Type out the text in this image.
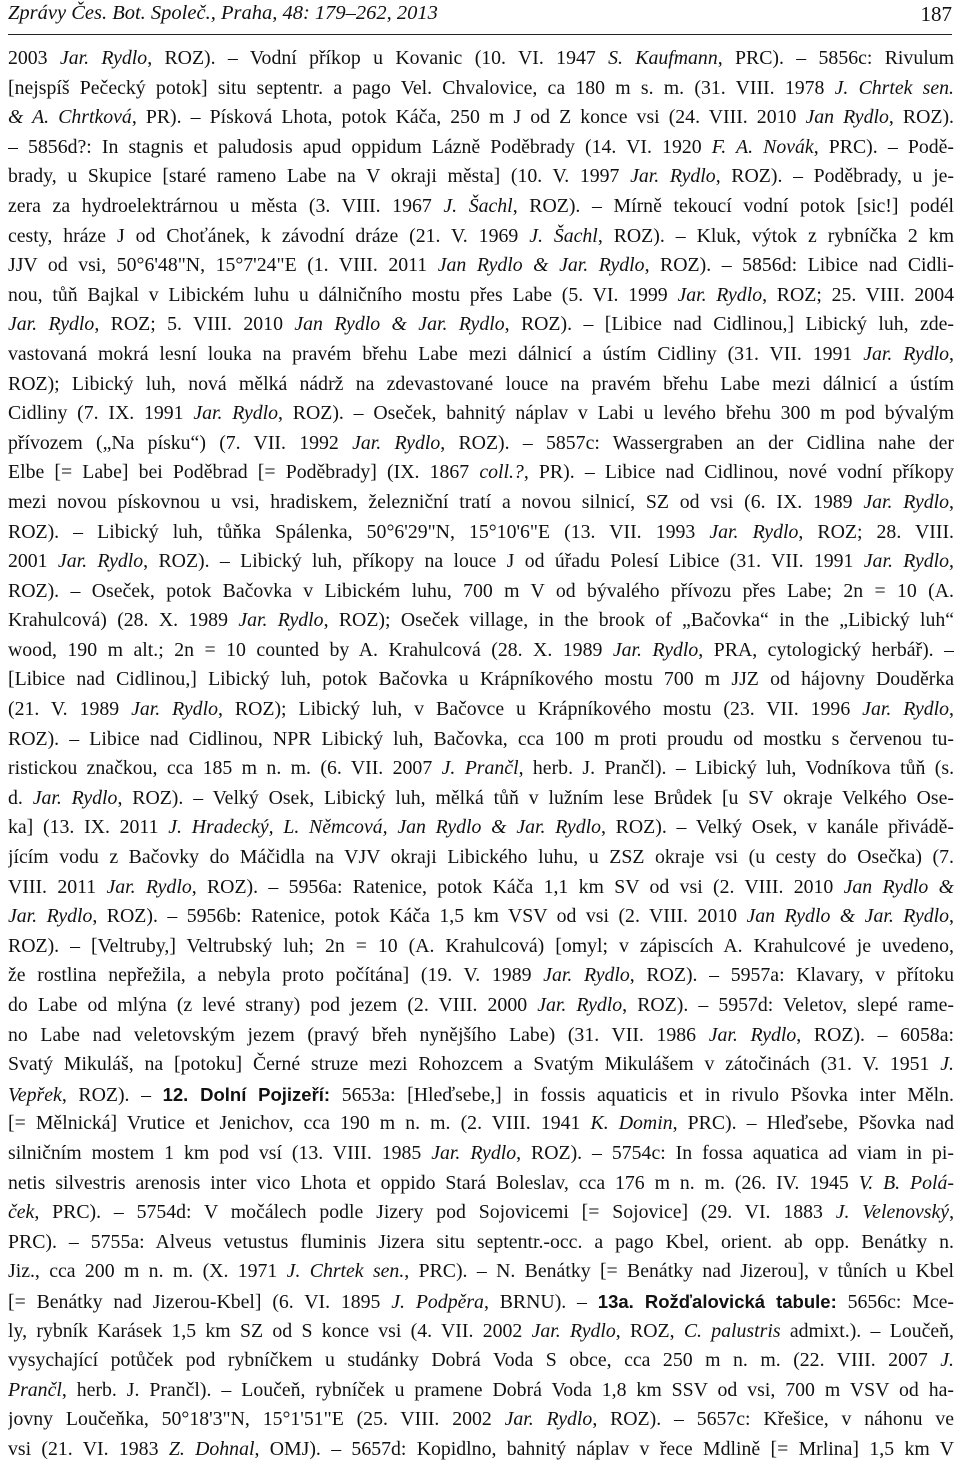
Zprávy Čes. Bot. Společ., Praha, 48: 179–262, 2013	187
2003 Jar. Rydlo, ROZ). – Vodní příkop u Kovanic (10. VI. 1947 S. Kaufmann, PRC). – 5856c: Rivulum
[nejspíš Pečecký potok] situ septentr. a pago Vel. Chvalovice, ca 180 m s. m. (31. VIII. 1978 J. Chrtek sen.
& A. Chrtková, PR). – Písková Lhota, potok Káča, 250 m J od Z konce vsi (24. VIII. 2010 Jan Rydlo, ROZ).
– 5856d?: In stagnis et paludosis apud oppidum Lázně Poděbrady (14. VI. 1920 F. A. Novák, PRC). – Podě-
brady, u Skupice [staré rameno Labe na V okraji města] (10. V. 1997 Jar. Rydlo, ROZ). – Poděbrady, u je-
zera za hydroelektrárnou u města (3. VIII. 1967 J. Šachl, ROZ). – Mírně tekoucí vodní potok [sic!] podél
cesty, hráze J od Choťánek, k závodní dráze (21. V. 1969 J. Šachl, ROZ). – Kluk, výtok z rybníčka 2 km
JJV od vsi, 50°6'48"N, 15°7'24"E (1. VIII. 2011 Jan Rydlo & Jar. Rydlo, ROZ). – 5856d: Libice nad Cidli-
nou, tůň Bajkal v Libickém luhu u dálničního mostu přes Labe (5. VI. 1999 Jar. Rydlo, ROZ; 25. VIII. 2004
Jar. Rydlo, ROZ; 5. VIII. 2010 Jan Rydlo & Jar. Rydlo, ROZ). – [Libice nad Cidlinou,] Libický luh, zde-
vastovaná mokrá lesní louka na pravém břehu Labe mezi dálnicí a ústím Cidliny (31. VII. 1991 Jar. Rydlo,
ROZ); Libický luh, nová mělká nádrž na zdevastované louce na pravém břehu Labe mezi dálnicí a ústím
Cidliny (7. IX. 1991 Jar. Rydlo, ROZ). – Oseček, bahnitý náplav v Labi u levého břehu 300 m pod bývalým
přívozem („Na písku“) (7. VII. 1992 Jar. Rydlo, ROZ). – 5857c: Wassergraben an der Cidlina nahe der
Elbe [= Labe] bei Poděbrad [= Poděbrady] (IX. 1867 coll.?, PR). – Libice nad Cidlinou, nové vodní příkopy
mezi novou pískovnou u vsi, hradiskem, železniční tratí a novou silnicí, SZ od vsi (6. IX. 1989 Jar. Rydlo,
ROZ). – Libický luh, tůňka Spálenka, 50°6'29"N, 15°10'6"E (13. VII. 1993 Jar. Rydlo, ROZ; 28. VIII.
2001 Jar. Rydlo, ROZ). – Libický luh, příkopy na louce J od úřadu Polesí Libice (31. VII. 1991 Jar. Rydlo,
ROZ). – Oseček, potok Bačovka v Libickém luhu, 700 m V od bývalého přívozu přes Labe; 2n = 10 (A.
Krahulcová) (28. X. 1989 Jar. Rydlo, ROZ); Oseček village, in the brook of „Bačovka“ in the „Libický luh“
wood, 190 m alt.; 2n = 10 counted by A. Krahulcová (28. X. 1989 Jar. Rydlo, PRA, cytologický herbář). –
[Libice nad Cidlinou,] Libický luh, potok Bačovka u Krápníkového mostu 700 m JJZ od hájovny Douděrka
(21. V. 1989 Jar. Rydlo, ROZ); Libický luh, v Bačovce u Krápníkového mostu (23. VII. 1996 Jar. Rydlo,
ROZ). – Libice nad Cidlinou, NPR Libický luh, Bačovka, cca 100 m proti proudu od mostku s červenou tu-
ristickou značkou, cca 185 m n. m. (6. VII. 2007 J. Prančl, herb. J. Prančl). – Libický luh, Vodníkova tůň (s.
d. Jar. Rydlo, ROZ). – Velký Osek, Libický luh, mělká tůň v lužním lese Brůdek [u SV okraje Velkého Ose-
ka] (13. IX. 2011 J. Hradecký, L. Němcová, Jan Rydlo & Jar. Rydlo, ROZ). – Velký Osek, v kanále přivádě-
jícím vodu z Bačovky do Máčidla na VJV okraji Libického luhu, u ZSZ okraje vsi (u cesty do Osečka) (7.
VIII. 2011 Jar. Rydlo, ROZ). – 5956a: Ratenice, potok Káča 1,1 km SV od vsi (2. VIII. 2010 Jan Rydlo &
Jar. Rydlo, ROZ). – 5956b: Ratenice, potok Káča 1,5 km VSV od vsi (2. VIII. 2010 Jan Rydlo & Jar. Rydlo,
ROZ). – [Veltruby,] Veltrubský luh; 2n = 10 (A. Krahulcová) [omyl; v zápiscích A. Krahulcové je uvedeno,
že rostlina nepřežila, a nebyla proto počítána] (19. V. 1989 Jar. Rydlo, ROZ). – 5957a: Klavary, v přítoku
do Labe od mlýna (z levé strany) pod jezem (2. VIII. 2000 Jar. Rydlo, ROZ). – 5957d: Veletov, slepé rame-
no Labe nad veletovským jezem (pravý břeh nynějšího Labe) (31. VII. 1986 Jar. Rydlo, ROZ). – 6058a:
Svatý Mikuláš, na [potoku] Černé struze mezi Rohozcem a Svatým Mikulášem v zátočinách (31. V. 1951 J.
Vepřek, ROZ). – 12. Dolní Pojizeří: 5653a: [Hleďsebe,] in fossis aquaticis et in rivulo Pšovka inter Měln.
[= Mělnická] Vrutice et Jenichov, cca 190 m n. m. (2. VIII. 1941 K. Domin, PRC). – Hleďsebe, Pšovka nad
silničním mostem 1 km pod vsí (13. VIII. 1985 Jar. Rydlo, ROZ). – 5754c: In fossa aquatica ad viam in pi-
netis silvestris arenosis inter vico Lhota et oppido Stará Boleslav, cca 176 m n. m. (26. IV. 1945 V. B. Polá-
ček, PRC). – 5754d: V močálech podle Jizery pod Sojovicemi [= Sojovice] (29. VI. 1883 J. Velenovský,
PRC). – 5755a: Alveus vetustus fluminis Jizera situ septentr.-occ. a pago Kbel, orient. ab opp. Benátky n.
Jiz., cca 200 m n. m. (X. 1971 J. Chrtek sen., PRC). – N. Benátky [= Benátky nad Jizerou], v tůních u Kbel
[= Benátky nad Jizerou-Kbel] (6. VI. 1895 J. Podpěra, BRNU). – 13a. Rožďalovická tabule: 5656c: Mce-
ly, rybník Karásek 1,5 km SZ od S konce vsi (4. VII. 2002 Jar. Rydlo, ROZ, C. palustris admixt.). – Loučeň,
vysychající potůček pod rybníčkem u studánky Dobrá Voda S obce, cca 250 m n. m. (22. VIII. 2007 J.
Prančl, herb. J. Prančl). – Loučeň, rybníček u pramene Dobrá Voda 1,8 km SSV od vsi, 700 m VSV od ha-
jovny Loučeňka, 50°18'3"N, 15°1'51"E (25. VIII. 2002 Jar. Rydlo, ROZ). – 5657c: Křešice, v náhonu ve
vsi (21. VI. 1983 Z. Dohnal, OMJ). – 5657d: Kopidlno, bahnitý náplav v řece Mdlině [= Mrlina] 1,5 km V
